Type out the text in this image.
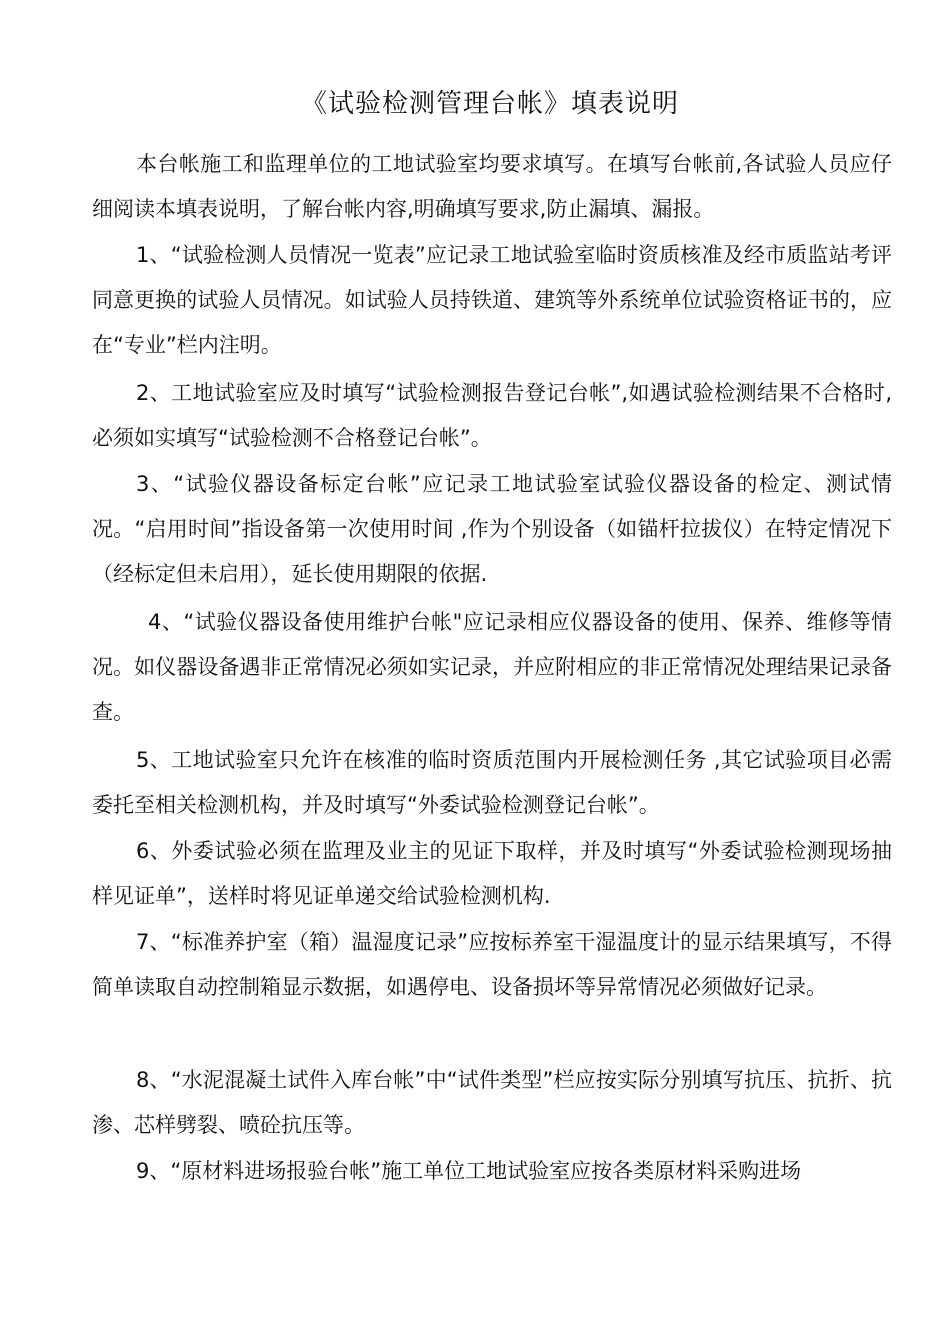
《试验检测管理台帐》填表说明
本台帐施工和监理单位的工地试验室均要求填写。在填写台帐前,各试验人员应仔细阅读本填表说明，了解台帐内容,明确填写要求,防止漏填、漏报。
1、“试验检测人员情况一览表”应记录工地试验室临时资质核准及经市质监站考评同意更换的试验人员情况。如试验人员持铁道、建筑等外系统单位试验资格证书的，应在“专业”栏内注明。
2、工地试验室应及时填写“试验检测报告登记台帐”,如遇试验检测结果不合格时,必须如实填写“试验检测不合格登记台帐”。
3、“试验仪器设备标定台帐”应记录工地试验室试验仪器设备的检定、测试情况。“启用时间”指设备第一次使用时间 ,作为个别设备（如锚杆拉拔仪）在特定情况下（经标定但未启用），延长使用期限的依据.
4、“试验仪器设备使用维护台帐"应记录相应仪器设备的使用、保养、维修等情况。如仪器设备遇非正常情况必须如实记录，并应附相应的非正常情况处理结果记录备查。
5、工地试验室只允许在核准的临时资质范围内开展检测任务 ,其它试验项目必需委托至相关检测机构，并及时填写“外委试验检测登记台帐”。
6、外委试验必须在监理及业主的见证下取样，并及时填写“外委试验检测现场抽样见证单”，送样时将见证单递交给试验检测机构.
7、“标准养护室（箱）温湿度记录”应按标养室干湿温度计的显示结果填写，不得简单读取自动控制箱显示数据，如遇停电、设备损坏等异常情况必须做好记录。
8、“水泥混凝土试件入库台帐”中“试件类型”栏应按实际分别填写抗压、抗折、抗渗、芯样劈裂、喷砼抗压等。
9、“原材料进场报验台帐”施工单位工地试验室应按各类原材料采购进场
